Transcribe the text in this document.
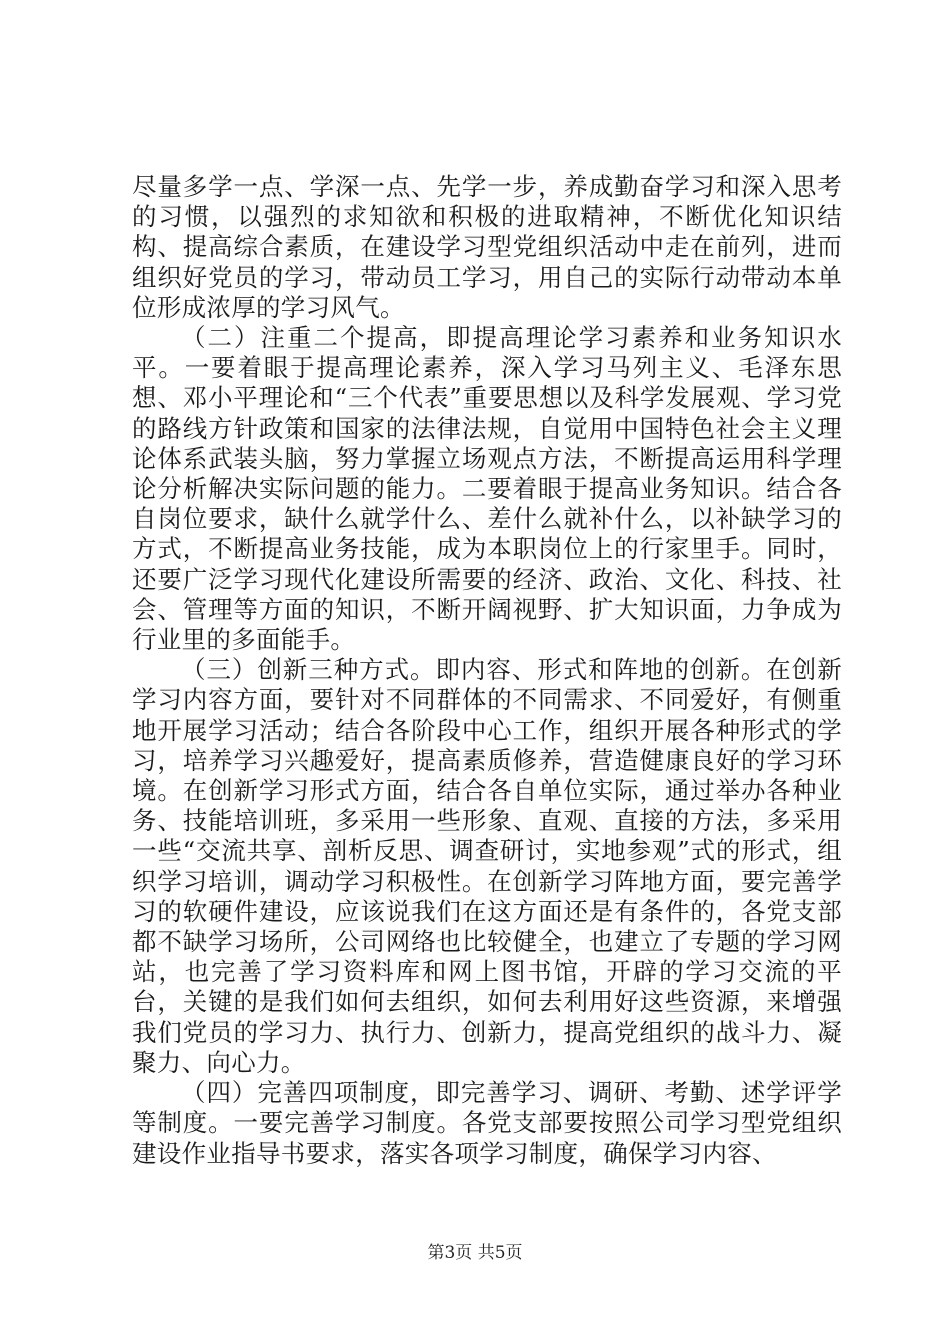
尽量多学一点、学深一点、先学一步，养成勤奋学习和深入思考的习惯，以强烈的求知欲和积极的进取精神，不断优化知识结构、提高综合素质，在建设学习型党组织活动中走在前列，进而组织好党员的学习，带动员工学习，用自己的实际行动带动本单位形成浓厚的学习风气。

（二）注重二个提高，即提高理论学习素养和业务知识水平。一要着眼于提高理论素养，深入学习马列主义、毛泽东思想、邓小平理论和“三个代表”重要思想以及科学发展观、学习党的路线方针政策和国家的法律法规，自觉用中国特色社会主义理论体系武装头脑，努力掌握立场观点方法，不断提高运用科学理论分析解决实际问题的能力。二要着眼于提高业务知识。结合各自岗位要求，缺什么就学什么、差什么就补什么，以补缺学习的方式，不断提高业务技能，成为本职岗位上的行家里手。同时，还要广泛学习现代化建设所需要的经济、政治、文化、科技、社会、管理等方面的知识，不断开阔视野、扩大知识面，力争成为行业里的多面能手。

（三）创新三种方式。即内容、形式和阵地的创新。在创新学习内容方面，要针对不同群体的不同需求、不同爱好，有侧重地开展学习活动；结合各阶段中心工作，组织开展各种形式的学习，培养学习兴趣爱好，提高素质修养，营造健康良好的学习环境。在创新学习形式方面，结合各自单位实际，通过举办各种业务、技能培训班，多采用一些形象、直观、直接的方法，多采用一些“交流共享、剖析反思、调查研讨，实地参观”式的形式，组织学习培训，调动学习积极性。在创新学习阵地方面，要完善学习的软硬件建设，应该说我们在这方面还是有条件的，各党支部都不缺学习场所，公司网络也比较健全，也建立了专题的学习网站，也完善了学习资料库和网上图书馆，开辟的学习交流的平台，关键的是我们如何去组织，如何去利用好这些资源，来增强我们党员的学习力、执行力、创新力，提高党组织的战斗力、凝聚力、向心力。

（四）完善四项制度，即完善学习、调研、考勤、述学评学等制度。一要完善学习制度。各党支部要按照公司学习型党组织建设作业指导书要求，落实各项学习制度，确保学习内容、

第3页 共5页
